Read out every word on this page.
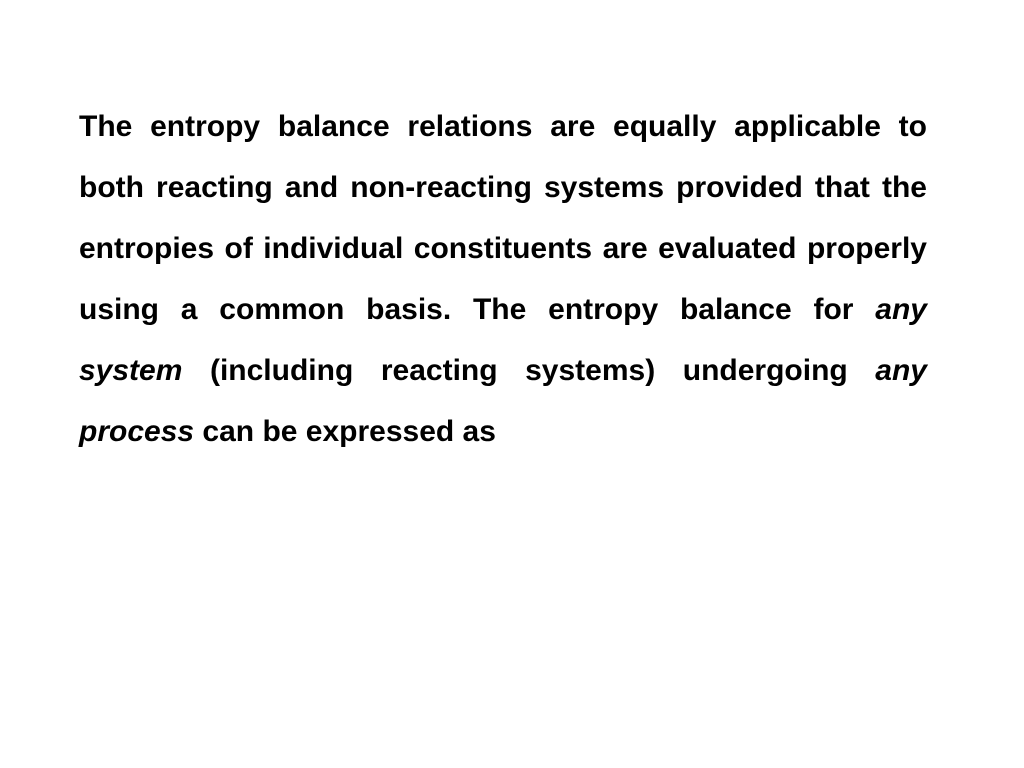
The entropy balance relations are equally applicable to both reacting and non-reacting systems provided that the entropies of individual constituents are evaluated properly using a common basis. The entropy balance for any system (including reacting systems) undergoing any process can be expressed as
